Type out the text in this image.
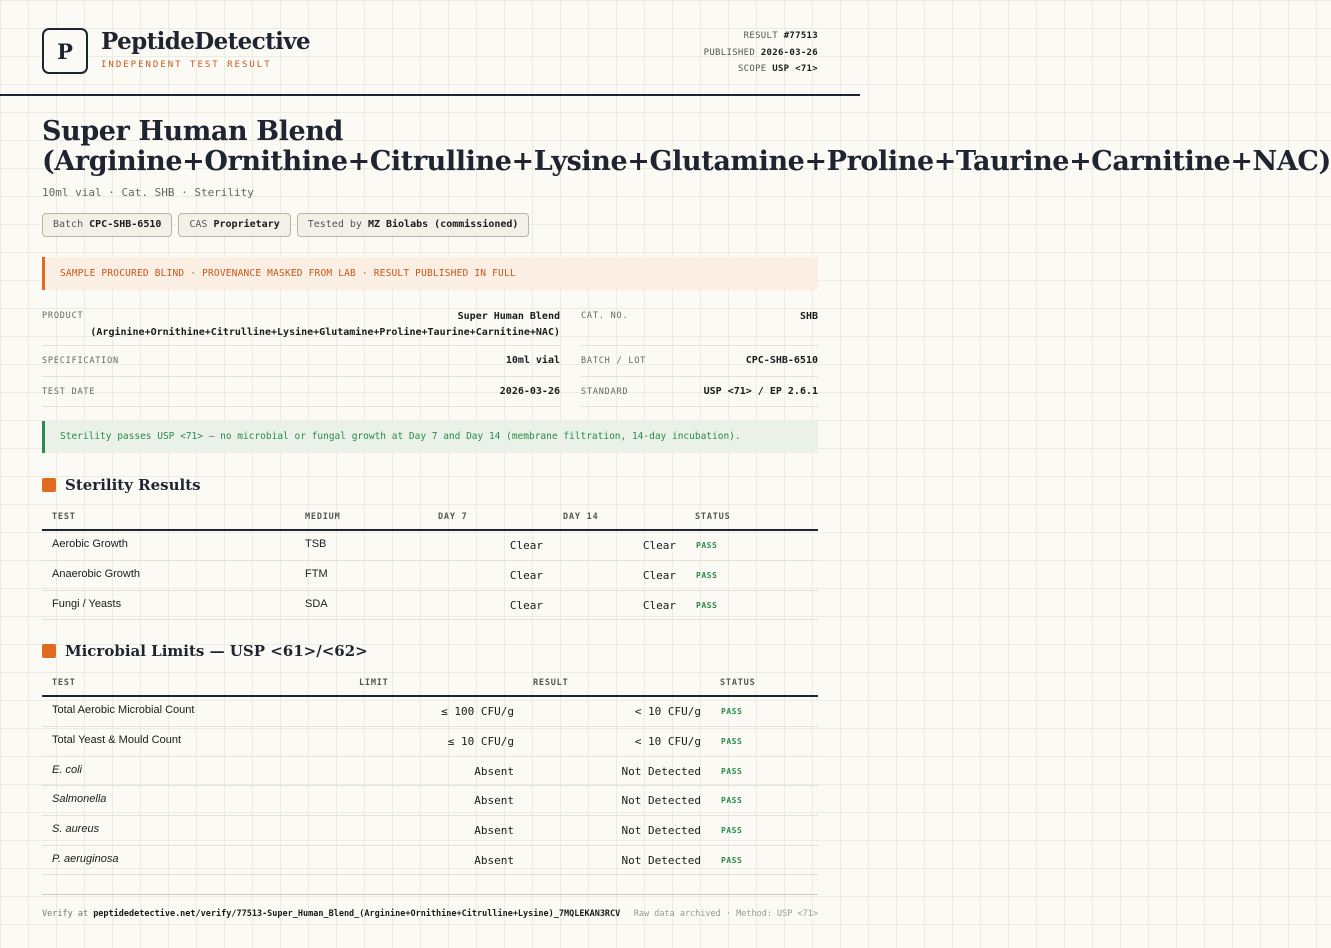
P	PeptideDetective
INDEPENDENT TEST RESULT
RESULT #77513
PUBLISHED 2026-03-26
SCOPE USP <71>
Super Human Blend
(Arginine+Ornithine+Citrulline+Lysine+Glutamine+Proline+Taurine+Carnitine+NAC)
10ml vial · Cat. SHB · Sterility
Batch CPC-SHB-6510	CAS Proprietary	Tested by MZ Biolabs (commissioned)
SAMPLE PROCURED BLIND · PROVENANCE MASKED FROM LAB · RESULT PUBLISHED IN FULL
PRODUCT	Super Human Blend
(Arginine+Ornithine+Citrulline+Lysine+Glutamine+Proline+Taurine+Carnitine+NAC)
CAT. NO.	SHB
SPECIFICATION	10ml vial BATCH / LOT	CPC-SHB-6510
TEST DATE	2026-03-26 STANDARD	USP <71> / EP 2.6.1
Sterility passes USP <71> — no microbial or fungal growth at Day 7 and Day 14 (membrane filtration, 14-day incubation).
Sterility Results
TEST	MEDIUM	DAY 7	DAY 14	STATUS
Aerobic Growth	TSB	Clear	Clear	PASS
Anaerobic Growth	FTM	Clear	Clear	PASS
Fungi / Yeasts	SDA	Clear	Clear	PASS
Microbial Limits — USP <61>/<62>
TEST	LIMIT	RESULT	STATUS
Total Aerobic Microbial Count	≤ 100 CFU/g	< 10 CFU/g	PASS
Total Yeast & Mould Count	≤ 10 CFU/g	< 10 CFU/g	PASS
E. coli	Absent	Not Detected	PASS
Salmonella	Absent	Not Detected	PASS
S. aureus	Absent	Not Detected	PASS
P. aeruginosa	Absent	Not Detected	PASS
Verify at peptidedetective.net/verify/77513-Super_Human_Blend_(Arginine+Ornithine+Citrulline+Lysine)_7MQLEKAN3RCV Raw data archived · Method: USP <71>
